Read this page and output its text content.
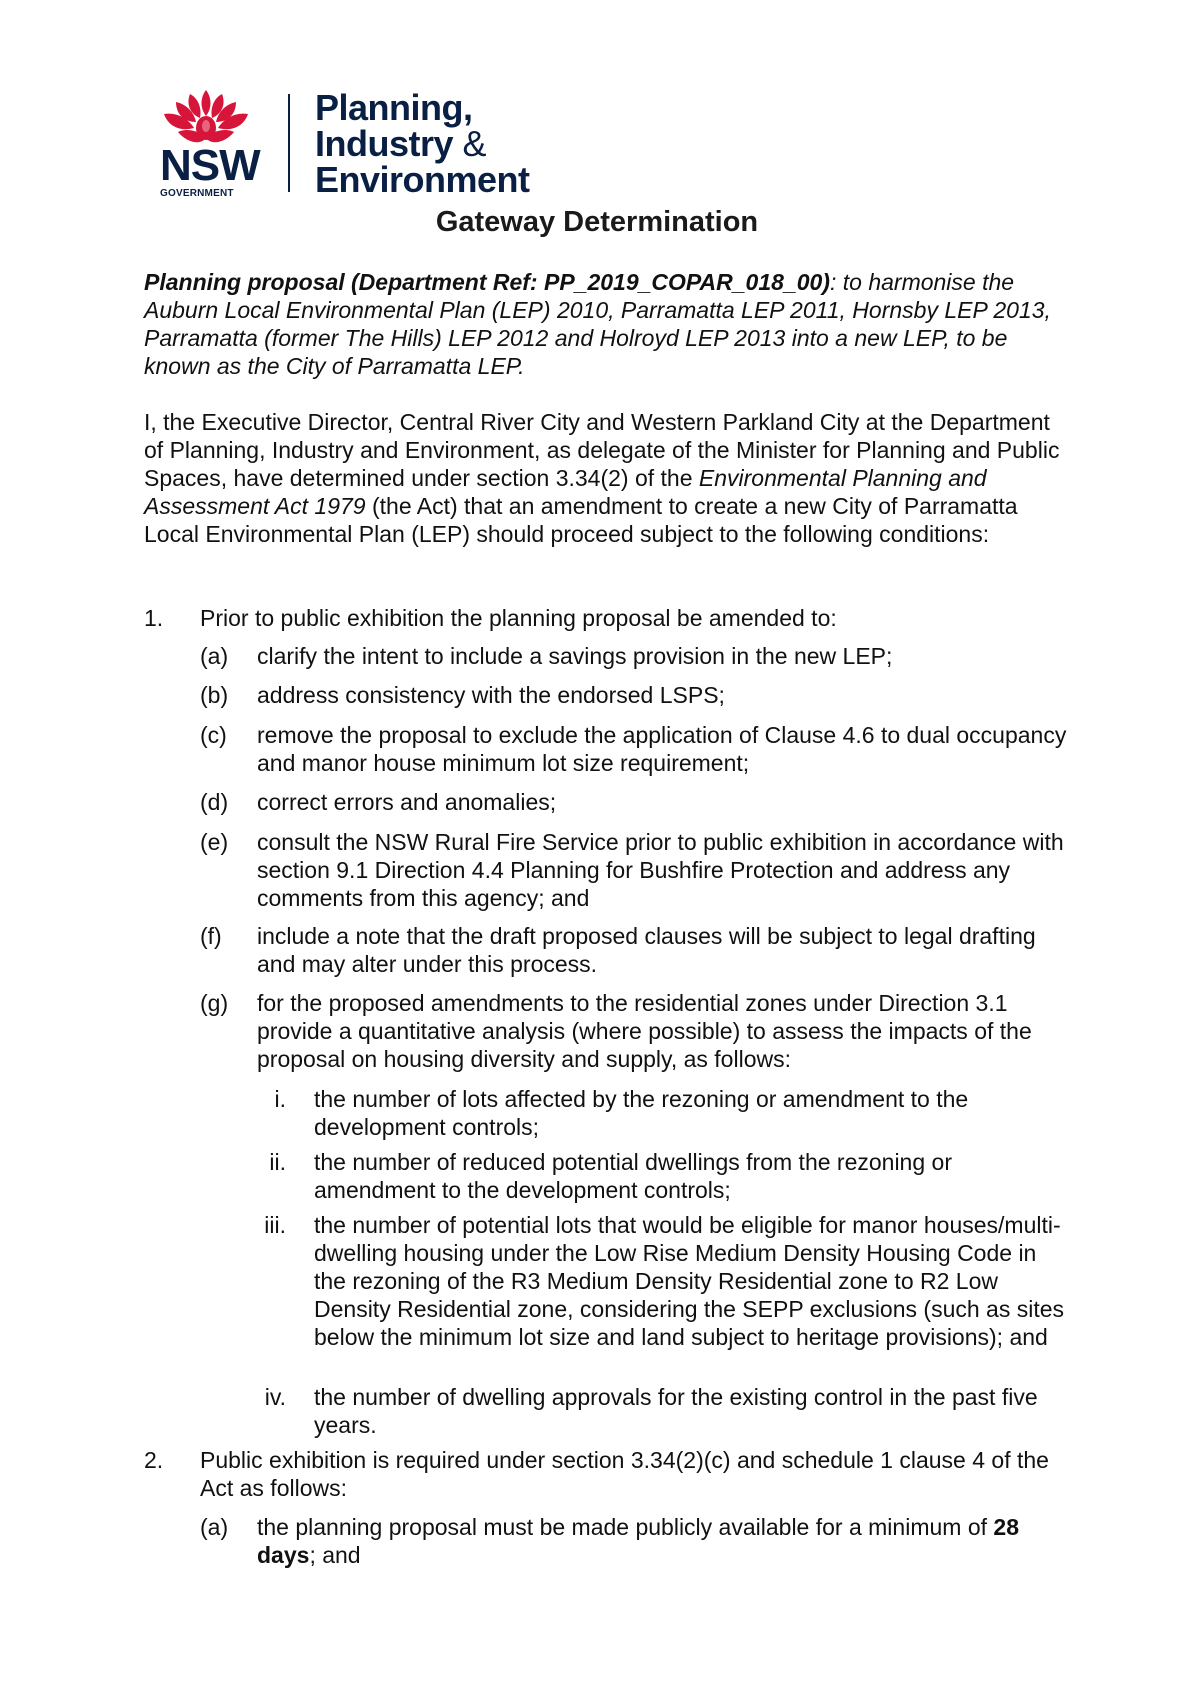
NSW
GOVERNMENT
Planning,
Industry &
Environment
Gateway Determination
Planning proposal (Department Ref: PP_2019_COPAR_018_00): to harmonise the Auburn Local Environmental Plan (LEP) 2010, Parramatta LEP 2011, Hornsby LEP 2013, Parramatta (former The Hills) LEP 2012 and Holroyd LEP 2013 into a new LEP, to be known as the City of Parramatta LEP.
I, the Executive Director, Central River City and Western Parkland City at the Department of Planning, Industry and Environment, as delegate of the Minister for Planning and Public Spaces, have determined under section 3.34(2) of the Environmental Planning and Assessment Act 1979 (the Act) that an amendment to create a new City of Parramatta Local Environmental Plan (LEP) should proceed subject to the following conditions:
1. Prior to public exhibition the planning proposal be amended to:
(a) clarify the intent to include a savings provision in the new LEP;
(b) address consistency with the endorsed LSPS;
(c) remove the proposal to exclude the application of Clause 4.6 to dual occupancy and manor house minimum lot size requirement;
(d) correct errors and anomalies;
(e) consult the NSW Rural Fire Service prior to public exhibition in accordance with section 9.1 Direction 4.4 Planning for Bushfire Protection and address any comments from this agency; and
(f) include a note that the draft proposed clauses will be subject to legal drafting and may alter under this process.
(g) for the proposed amendments to the residential zones under Direction 3.1 provide a quantitative analysis (where possible) to assess the impacts of the proposal on housing diversity and supply, as follows:
i. the number of lots affected by the rezoning or amendment to the development controls;
ii. the number of reduced potential dwellings from the rezoning or amendment to the development controls;
iii. the number of potential lots that would be eligible for manor houses/multi-dwelling housing under the Low Rise Medium Density Housing Code in the rezoning of the R3 Medium Density Residential zone to R2 Low Density Residential zone, considering the SEPP exclusions (such as sites below the minimum lot size and land subject to heritage provisions); and
iv. the number of dwelling approvals for the existing control in the past five years.
2. Public exhibition is required under section 3.34(2)(c) and schedule 1 clause 4 of the Act as follows:
(a) the planning proposal must be made publicly available for a minimum of 28 days; and
